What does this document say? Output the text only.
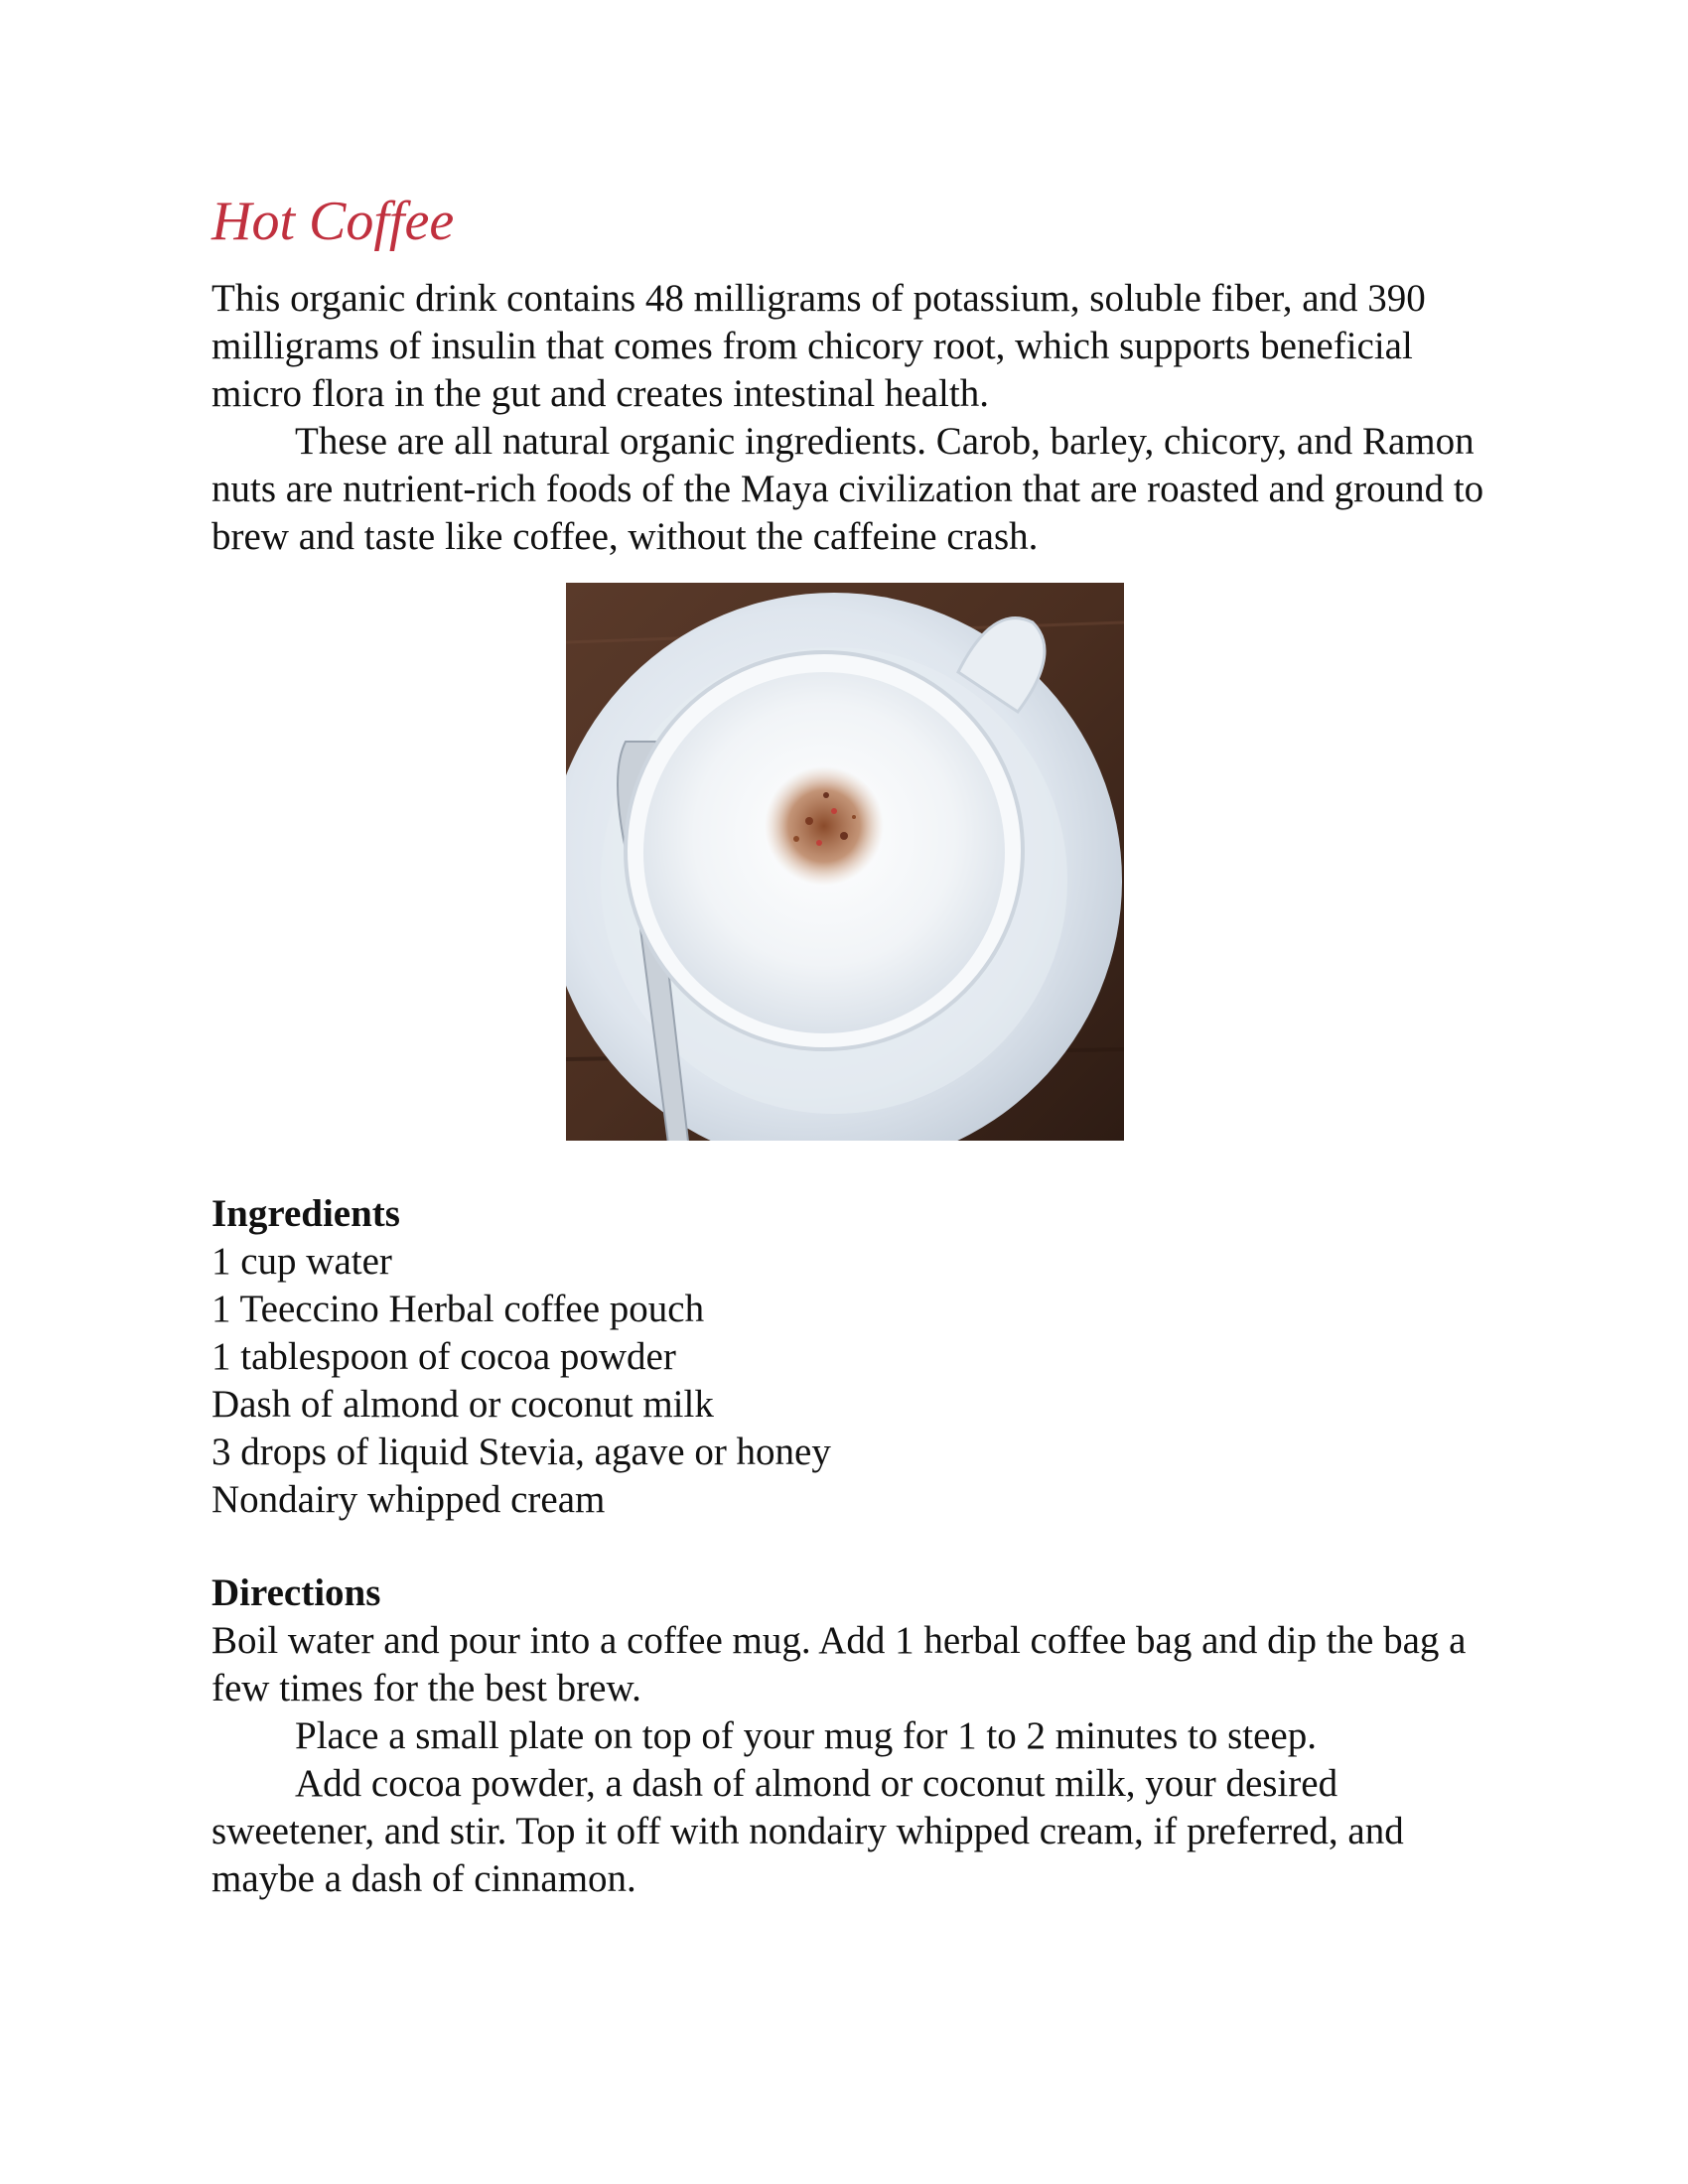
Hot Coffee

This organic drink contains 48 milligrams of potassium, soluble fiber, and 390 milligrams of insulin that comes from chicory root, which supports beneficial micro flora in the gut and creates intestinal health.

These are all natural organic ingredients. Carob, barley, chicory, and Ramon nuts are nutrient-rich foods of the Maya civilization that are roasted and ground to brew and taste like coffee, without the caffeine crash.

Ingredients
1 cup water
1 Teeccino Herbal coffee pouch
1 tablespoon of cocoa powder
Dash of almond or coconut milk
3 drops of liquid Stevia, agave or honey
Nondairy whipped cream
Directions

Boil water and pour into a coffee mug. Add 1 herbal coffee bag and dip the bag a few times for the best brew.

Place a small plate on top of your mug for 1 to 2 minutes to steep.

Add cocoa powder, a dash of almond or coconut milk, your desired sweetener, and stir. Top it off with nondairy whipped cream, if preferred, and maybe a dash of cinnamon.
